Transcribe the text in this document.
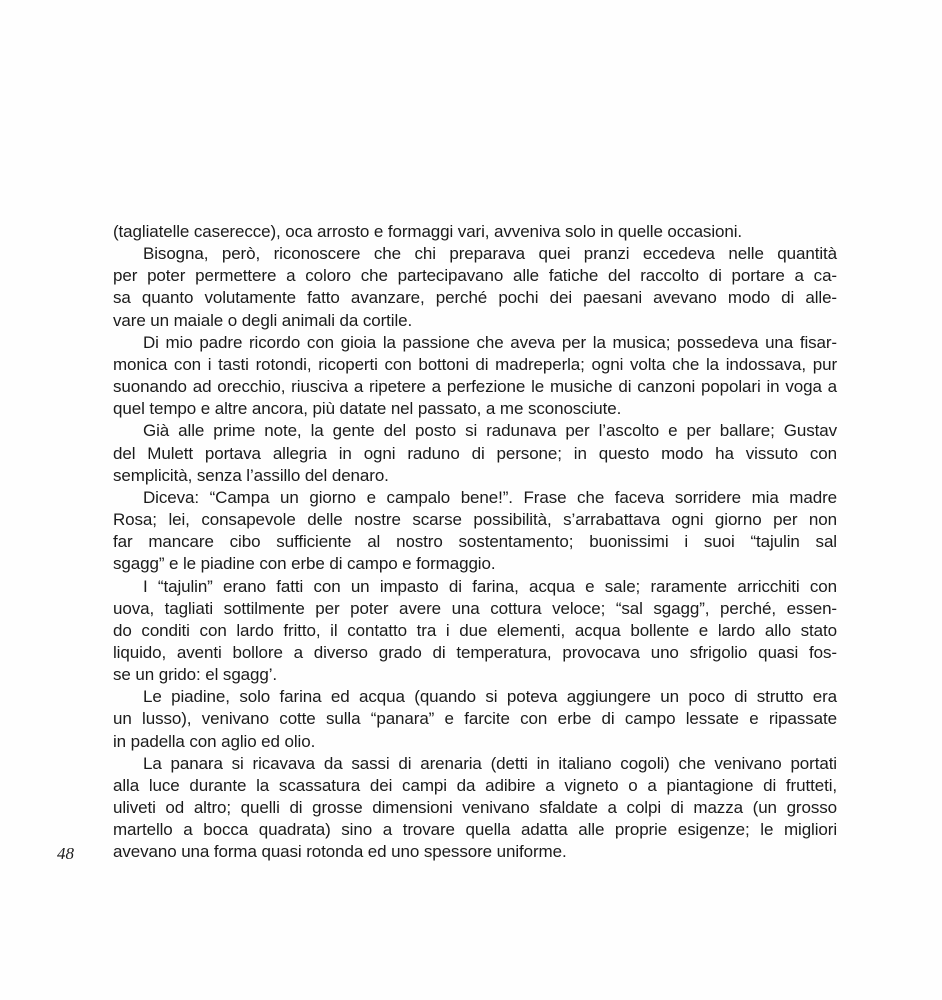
(tagliatelle caserecce), oca arrosto e formaggi vari, avveniva solo in quelle occasioni.
Bisogna, però, riconoscere che chi preparava quei pranzi eccedeva nelle quantità
per poter permettere a coloro che partecipavano alle fatiche del raccolto di portare a ca-
sa quanto volutamente fatto avanzare, perché pochi dei paesani avevano modo di alle-
vare un maiale o degli animali da cortile.
Di mio padre ricordo con gioia la passione che aveva per la musica; possedeva una fisar-
monica con i tasti rotondi, ricoperti con bottoni di madreperla; ogni volta che la indossava, pur
suonando ad orecchio, riusciva a ripetere a perfezione le musiche di canzoni popolari in voga a
quel tempo e altre ancora, più datate nel passato, a me sconosciute.
Già alle prime note, la gente del posto si radunava per l’ascolto e per ballare; Gustav
del Mulett portava allegria in ogni raduno di persone; in questo modo ha vissuto con
semplicità, senza l’assillo del denaro.
Diceva: “Campa un giorno e campalo bene!”. Frase che faceva sorridere mia madre
Rosa; lei, consapevole delle nostre scarse possibilità, s’arrabattava ogni giorno per non
far mancare cibo sufficiente al nostro sostentamento; buonissimi i suoi “tajulin sal
sgagg” e le piadine con erbe di campo e formaggio.
I “tajulin” erano fatti con un impasto di farina, acqua e sale; raramente arricchiti con
uova, tagliati sottilmente per poter avere una cottura veloce; “sal sgagg”, perché, essen-
do conditi con lardo fritto, il contatto tra i due elementi, acqua bollente e lardo allo stato
liquido, aventi bollore a diverso grado di temperatura, provocava uno sfrigolio quasi fos-
se un grido: el sgagg’.
Le piadine, solo farina ed acqua (quando si poteva aggiungere un poco di strutto era
un lusso), venivano cotte sulla “panara” e farcite con erbe di campo lessate e ripassate
in padella con aglio ed olio.
La panara si ricavava da sassi di arenaria (detti in italiano cogoli) che venivano portati
alla luce durante la scassatura dei campi da adibire a vigneto o a piantagione di frutteti,
uliveti od altro; quelli di grosse dimensioni venivano sfaldate a colpi di mazza (un grosso
martello a bocca quadrata) sino a trovare quella adatta alle proprie esigenze; le migliori
avevano una forma quasi rotonda ed uno spessore uniforme.
48
